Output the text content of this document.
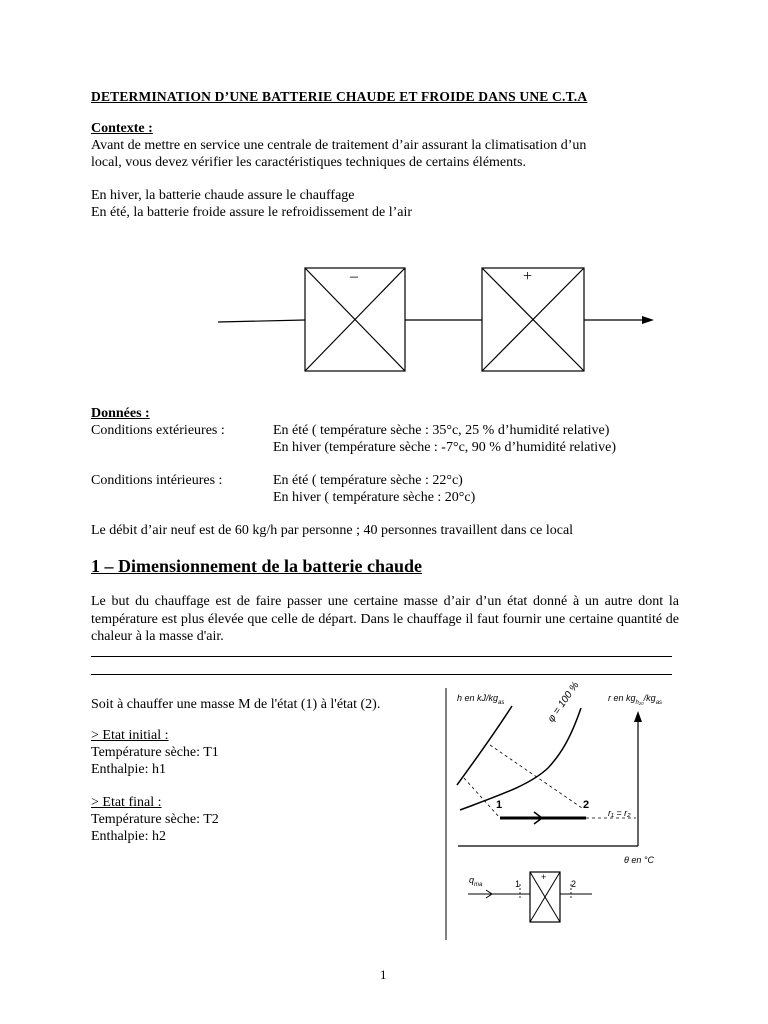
DETERMINATION D’UNE BATTERIE CHAUDE ET FROIDE DANS UNE C.T.A
Contexte :
Avant de mettre en service une centrale de traitement d’air assurant la climatisation d’un
local, vous devez vérifier les caractéristiques techniques de certains éléments.
En hiver, la batterie chaude assure le chauffage
En été, la batterie froide assure le refroidissement de l’air
–	+
Données :
Conditions extérieures :	En été ( température sèche : 35°c, 25 % d’humidité relative)
En hiver (température sèche : -7°c, 90 % d’humidité relative)
Conditions intérieures :	En été ( température sèche : 22°c)
En hiver ( température sèche : 20°c)
Le débit d’air neuf est de 60 kg/h par personne ; 40 personnes travaillent dans ce local
1 – Dimensionnement de la batterie chaude
Le but du chauffage est de faire passer une certaine masse d’air d’un état donné à un autre dont la température est plus élevée que celle de départ. Dans le chauffage il faut fournir une certaine quantité de chaleur à la masse d'air.
Soit à chauffer une masse M de l'état (1) à l'état (2).
> Etat initial :
Température sèche: T1
Enthalpie: h1
> Etat final :
Température sèche: T2
Enthalpie: h2
h en $kJ/kg_{as}$	r en $kg_{h_{20}}/kg_{as}$
φ = 100 %
1	2
r₁ = r₂
θ en °C
$q_{ma}$	1	2
+
1
